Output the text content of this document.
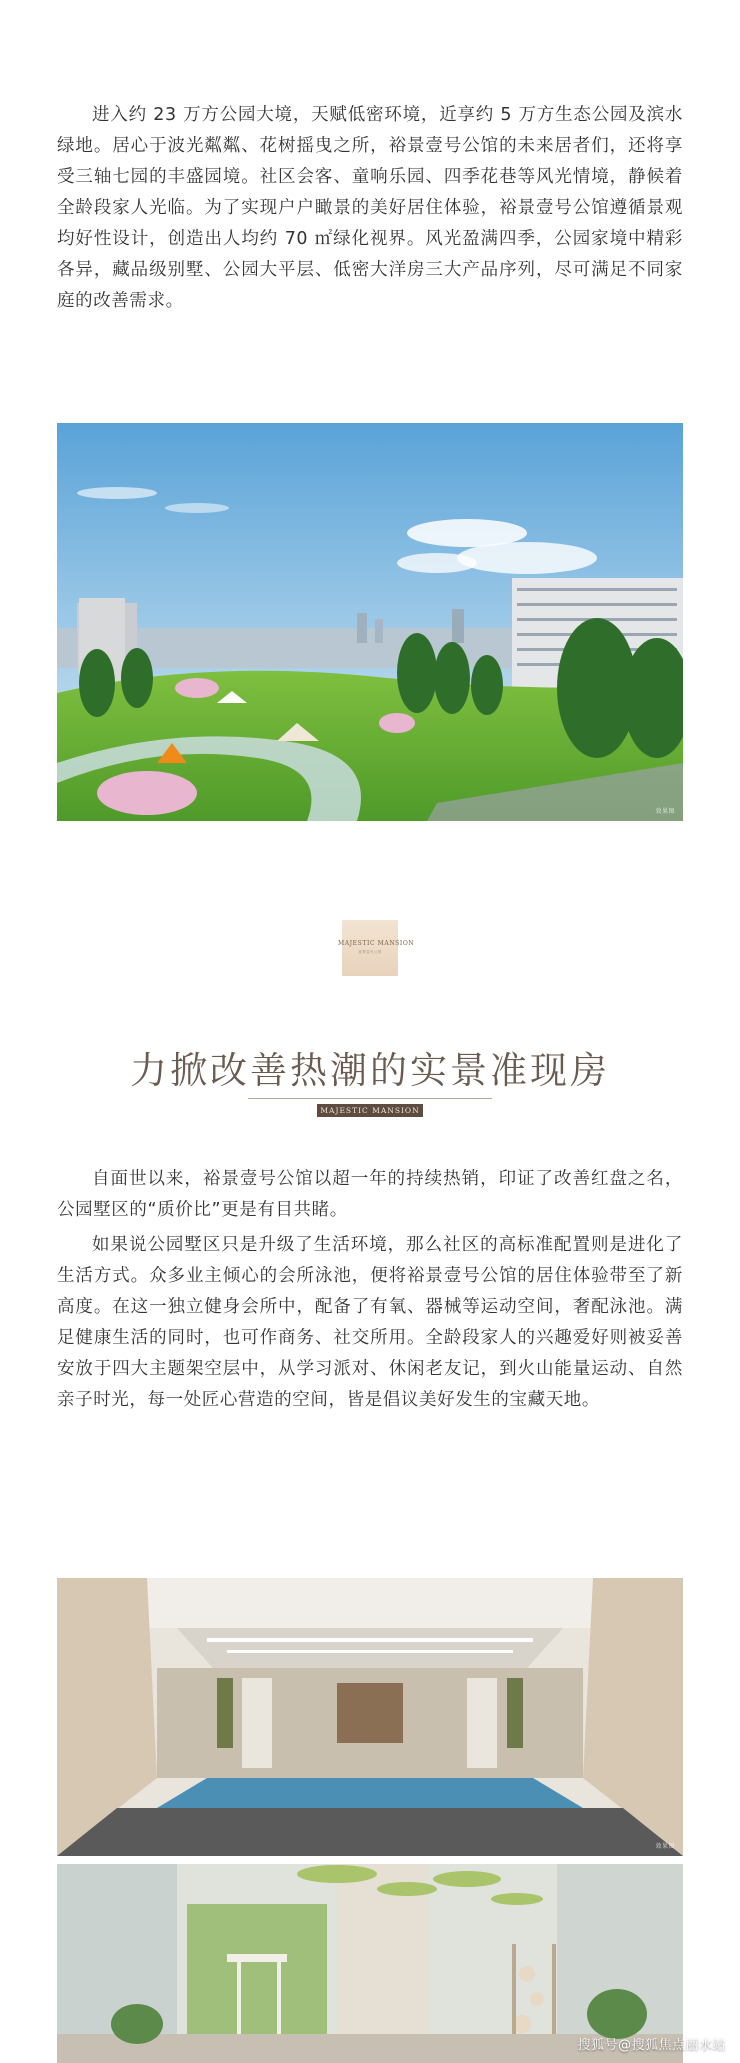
进入约 23 万方公园大境，天赋低密环境，近享约 5 万方生态公园及滨水绿地。居心于波光粼粼、花树摇曳之所，裕景壹号公馆的未来居者们，还将享受三轴七园的丰盛园境。社区会客、童响乐园、四季花巷等风光情境，静候着全龄段家人光临。为了实现户户瞰景的美好居住体验，裕景壹号公馆遵循景观均好性设计，创造出人均约 70 ㎡绿化视界。风光盈满四季，公园家境中精彩各异，藏品级别墅、公园大平层、低密大洋房三大产品序列，尽可满足不同家庭的改善需求。

效果图
MAJESTIC MANSION
裕景壹号公馆
力掀改善热潮的实景准现房
MAJESTIC MANSION

自面世以来，裕景壹号公馆以超一年的持续热销，印证了改善红盘之名，公园墅区的“质价比”更是有目共睹。

如果说公园墅区只是升级了生活环境，那么社区的高标准配置则是进化了生活方式。众多业主倾心的会所泳池，便将裕景壹号公馆的居住体验带至了新高度。在这一独立健身会所中，配备了有氧、器械等运动空间，奢配泳池。满足健康生活的同时，也可作商务、社交所用。全龄段家人的兴趣爱好则被妥善安放于四大主题架空层中，从学习派对、休闲老友记，到火山能量运动、自然亲子时光，每一处匠心营造的空间，皆是倡议美好发生的宝藏天地。

效果图
搜狐号@搜狐焦点丽水站
